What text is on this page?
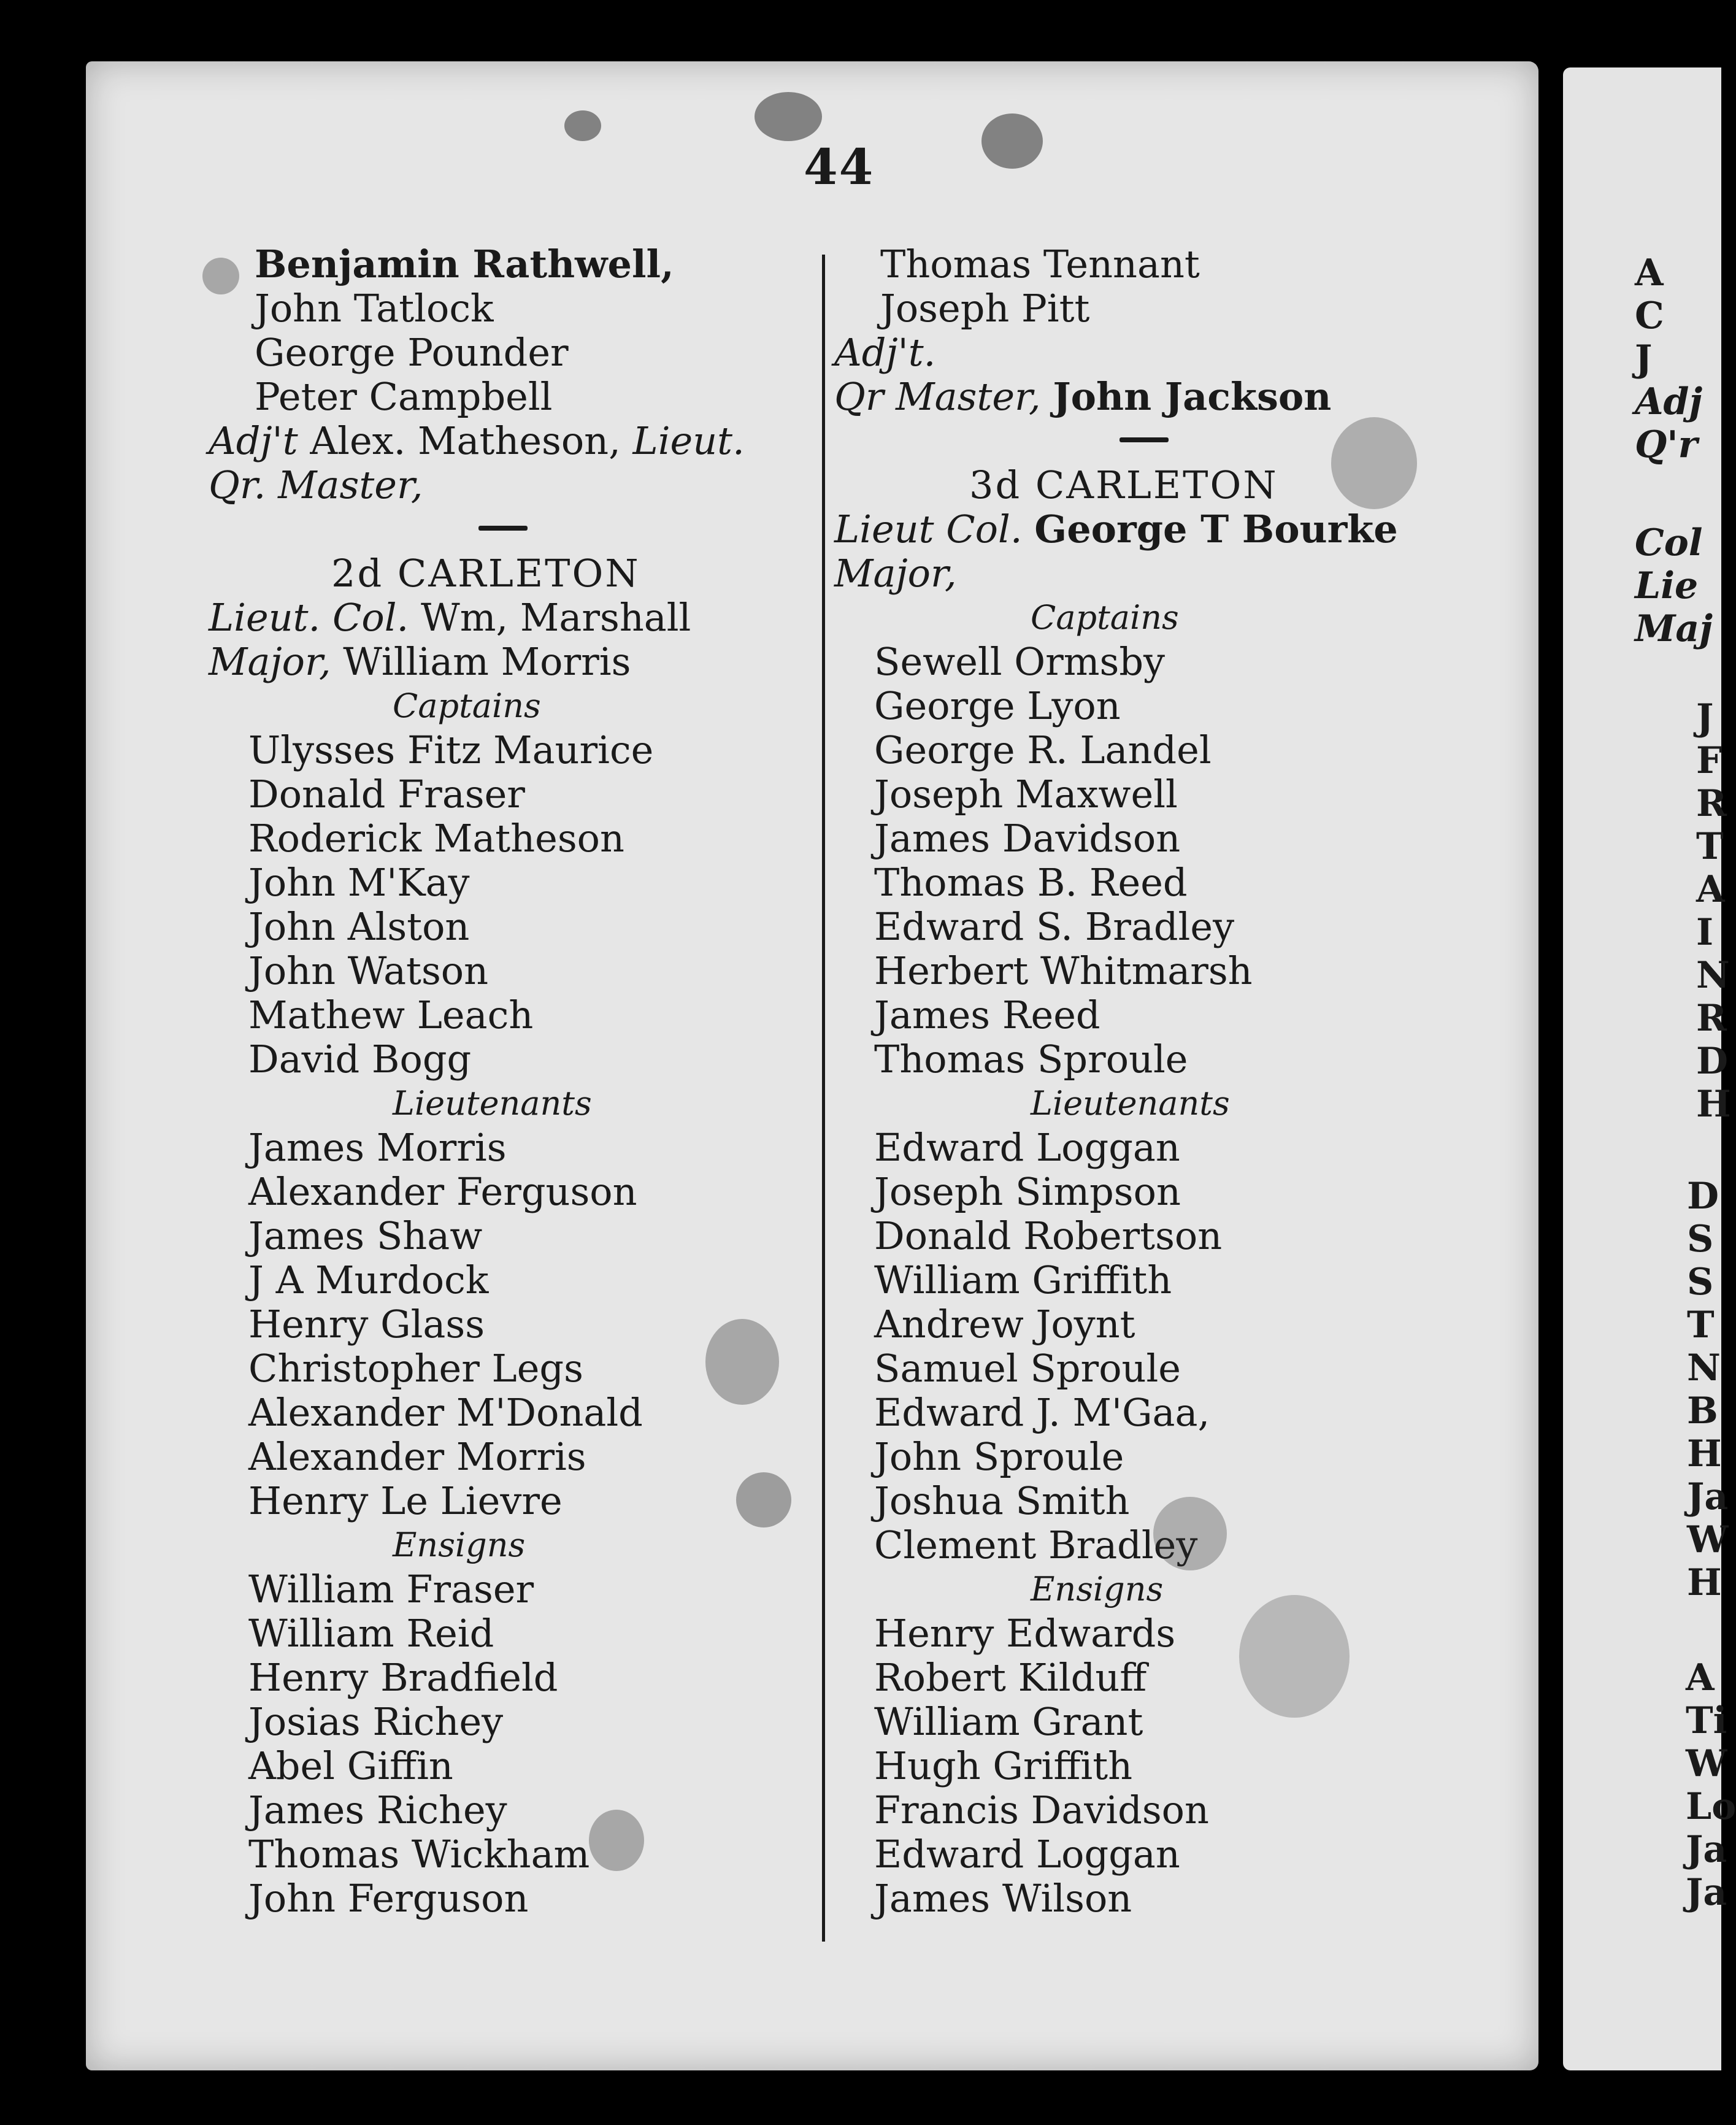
44
Benjamin Rathwell,
John Tatlock
George Pounder
Peter Campbell
Adj't Alex. Matheson, Lieut.
Qr. Master,
2d CARLETON
Lieut. Col. Wm, Marshall
Major, William Morris
Captains
Ulysses Fitz Maurice
Donald Fraser
Roderick Matheson
John M'Kay
John Alston
John Watson
Mathew Leach
David Bogg
Lieutenants
James Morris
Alexander Ferguson
James Shaw
J A Murdock
Henry Glass
Christopher Legs
Alexander M'Donald
Alexander Morris
Henry Le Lievre
Ensigns
William Fraser
William Reid
Henry Bradfield
Josias Richey
Abel Giffin
James Richey
Thomas Wickham
John Ferguson
Thomas Tennant
Joseph Pitt
Adj't.
Qr Master, John Jackson
3d CARLETON
Lieut Col. George T Bourke
Major,
Captains
Sewell Ormsby
George Lyon
George R. Landel
Joseph Maxwell
James Davidson
Thomas B. Reed
Edward S. Bradley
Herbert Whitmarsh
James Reed
Thomas Sproule
Lieutenants
Edward Loggan
Joseph Simpson
Donald Robertson
William Griffith
Andrew Joynt
Samuel Sproule
Edward J. M'Gaa,
John Sproule
Joshua Smith
Clement Bradley
Ensigns
Henry Edwards
Robert Kilduff
William Grant
Hugh Griffith
Francis Davidson
Edward Loggan
James Wilson
A
C
J
Adj
Q'r
Col
Lie
Maj
J
F
R
T
A
I
N
R
D
H
D
S
S
T
N
B
H
Ja
W
H
A
Ti
W
Lo
Ja
Ja
